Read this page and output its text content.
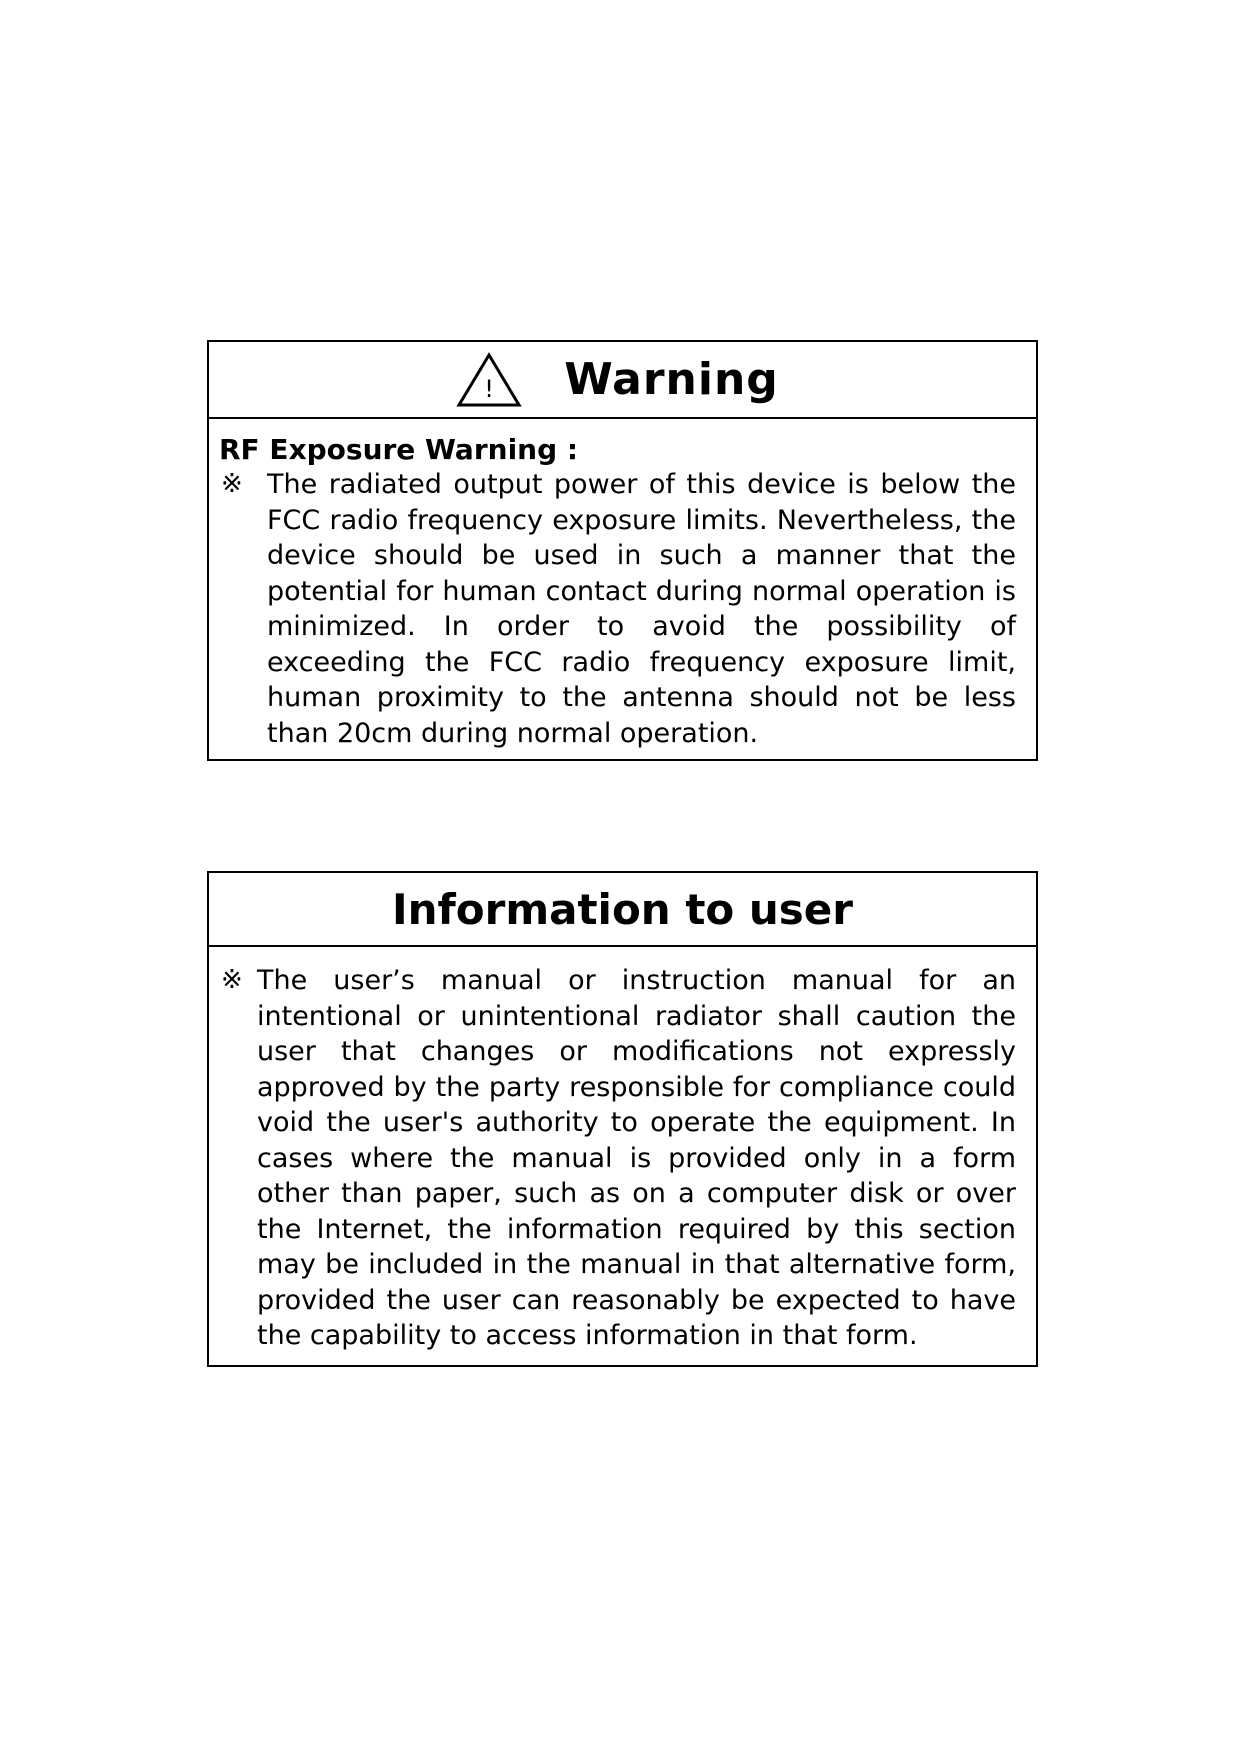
! Warning
RF Exposure Warning :
※ The radiated output power of this device is below the FCC radio frequency exposure limits. Nevertheless, the device should be used in such a manner that the potential for human contact during normal operation is minimized. In order to avoid the possibility of exceeding the FCC radio frequency exposure limit, human proximity to the antenna should not be less than 20cm during normal operation.
Information to user
※ The user’s manual or instruction manual for an intentional or unintentional radiator shall caution the user that changes or modifications not expressly approved by the party responsible for compliance could void the user's authority to operate the equipment. In cases where the manual is provided only in a form other than paper, such as on a computer disk or over the Internet, the information required by this section may be included in the manual in that alternative form, provided the user can reasonably be expected to have the capability to access information in that form.
